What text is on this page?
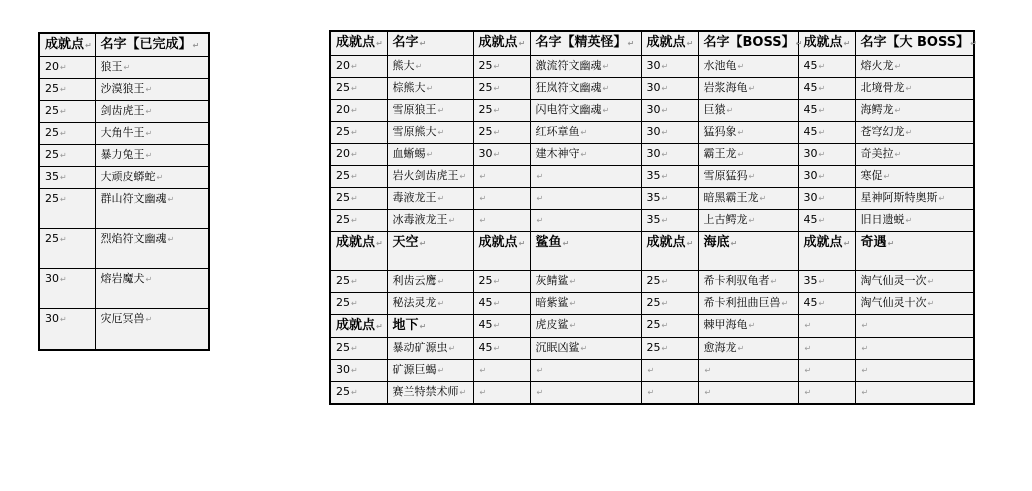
成就点↵	名字【已完成】↵
20↵	狼王↵
25↵	沙漠狼王↵
25↵	剑齿虎王↵
25↵	大角牛王↵
25↵	暴力兔王↵
35↵	大顽皮蟒蛇↵
25↵	群山符文幽魂↵
25↵	烈焰符文幽魂↵
30↵	熔岩魔犬↵
30↵	灾厄冥兽↵
成就点↵	名字↵	成就点↵	名字【精英怪】↵	成就点↵	名字【BOSS】↵	成就点↵	名字【大 BOSS】↵
20↵	熊大↵	25↵	激流符文幽魂↵	30↵	水池龟↵	45↵	熔火龙↵
25↵	棕熊大↵	25↵	狂岚符文幽魂↵	30↵	岩浆海龟↵	45↵	北境骨龙↵
20↵	雪原狼王↵	25↵	闪电符文幽魂↵	30↵	巨猿↵	45↵	海鳄龙↵
25↵	雪原熊大↵	25↵	红环章鱼↵	30↵	猛犸象↵	45↵	苍穹幻龙↵
20↵	血蜥蜴↵	30↵	建木神守↵	30↵	霸王龙↵	30↵	奇美拉↵
25↵	岩火剑齿虎王↵	↵	↵	35↵	雪原猛犸↵	30↵	寒促↵
25↵	毒液龙王↵	↵	↵	35↵	暗黑霸王龙↵	30↵	星神阿斯特奥斯↵
25↵	冰毒液龙王↵	↵	↵	35↵	上古鳄龙↵	45↵	旧日遗蜕↵
成就点↵	天空↵	成就点↵	鲨鱼↵	成就点↵	海底↵	成就点↵	奇遇↵
25↵	利齿云鹰↵	25↵	灰鲭鲨↵	25↵	希卡利驭龟者↵	35↵	淘气仙灵一次↵
25↵	秘法灵龙↵	45↵	暗紫鲨↵	25↵	希卡利扭曲巨兽↵	45↵	淘气仙灵十次↵
成就点↵	地下↵	45↵	虎皮鲨↵	25↵	棘甲海龟↵	↵	↵
25↵	暴动矿源虫↵	45↵	沉眠凶鲨↵	25↵	愈海龙↵	↵	↵
30↵	矿源巨蝎↵	↵	↵	↵	↵	↵	↵
25↵	赛兰特禁术师↵	↵	↵	↵	↵	↵	↵
